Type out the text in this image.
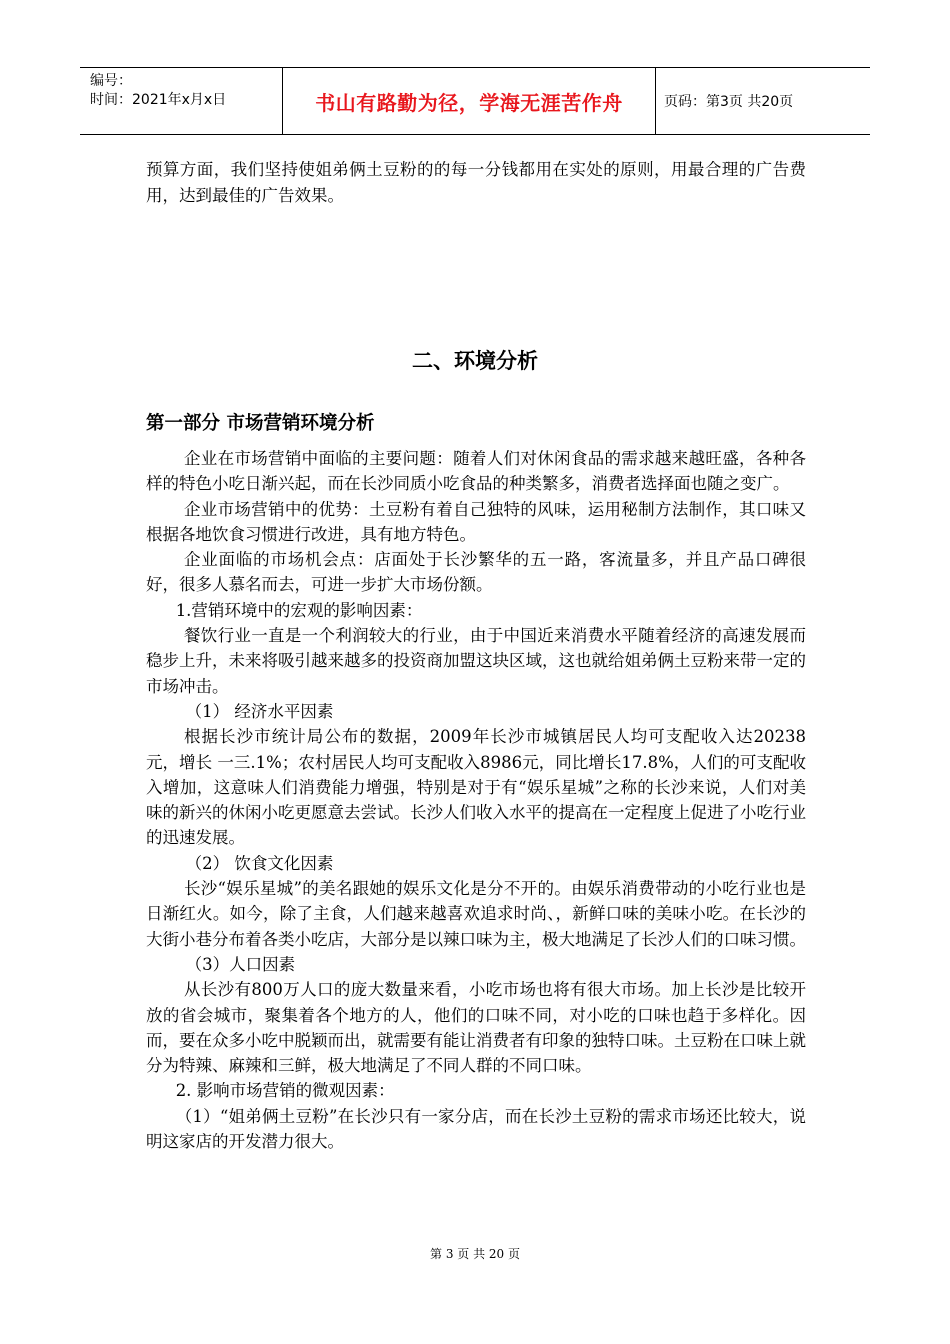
编号：
时间：2021年x月x日	书山有路勤为径，学海无涯苦作舟	页码：第3页 共20页

预算方面，我们坚持使姐弟俩土豆粉的的每一分钱都用在实处的原则，用最合理的广告费用，达到最佳的广告效果。

二、环境分析
第一部分 市场营销环境分析

企业在市场营销中面临的主要问题：随着人们对休闲食品的需求越来越旺盛，各种各样的特色小吃日渐兴起，而在长沙同质小吃食品的种类繁多，消费者选择面也随之变广。

企业市场营销中的优势：土豆粉有着自己独特的风味，运用秘制方法制作，其口味又根据各地饮食习惯进行改进，具有地方特色。

企业面临的市场机会点：店面处于长沙繁华的五一路，客流量多，并且产品口碑很好，很多人慕名而去，可进一步扩大市场份额。

1.营销环境中的宏观的影响因素：

餐饮行业一直是一个利润较大的行业，由于中国近来消费水平随着经济的高速发展而稳步上升，未来将吸引越来越多的投资商加盟这块区域，这也就给姐弟俩土豆粉来带一定的市场冲击。

（1） 经济水平因素

根据长沙市统计局公布的数据，2009年长沙市城镇居民人均可支配收入达20238元，增长 一三.1%；农村居民人均可支配收入8986元，同比增长17.8%，人们的可支配收入增加，这意味人们消费能力增强，特别是对于有“娱乐星城”之称的长沙来说，人们对美味的新兴的休闲小吃更愿意去尝试。长沙人们收入水平的提高在一定程度上促进了小吃行业的迅速发展。

（2） 饮食文化因素

长沙“娱乐星城”的美名跟她的娱乐文化是分不开的。由娱乐消费带动的小吃行业也是日渐红火。如今，除了主食，人们越来越喜欢追求时尚、，新鲜口味的美味小吃。在长沙的大街小巷分布着各类小吃店，大部分是以辣口味为主，极大地满足了长沙人们的口味习惯。

（3）人口因素

从长沙有800万人口的庞大数量来看，小吃市场也将有很大市场。加上长沙是比较开放的省会城市，聚集着各个地方的人，他们的口味不同，对小吃的口味也趋于多样化。因而，要在众多小吃中脱颖而出，就需要有能让消费者有印象的独特口味。土豆粉在口味上就分为特辣、麻辣和三鲜，极大地满足了不同人群的不同口味。

2. 影响市场营销的微观因素：

（1）“姐弟俩土豆粉”在长沙只有一家分店，而在长沙土豆粉的需求市场还比较大，说明这家店的开发潜力很大。

第 3 页 共 20 页
